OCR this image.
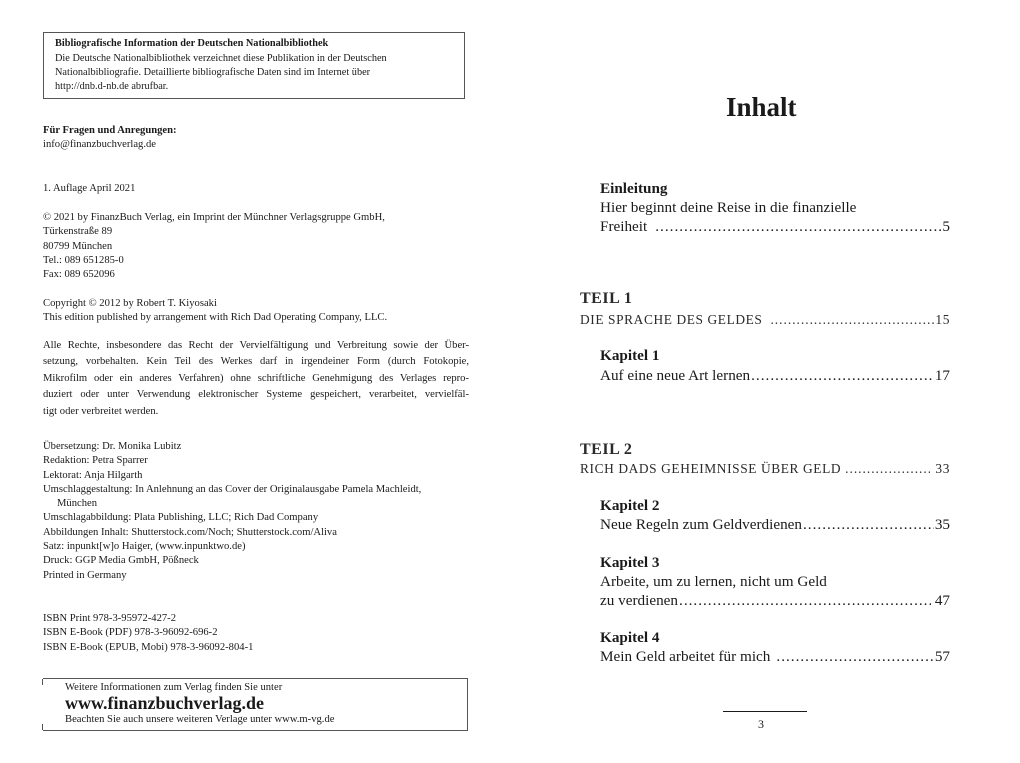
Bibliografische Information der Deutschen Nationalbibliothek
Die Deutsche Nationalbibliothek verzeichnet diese Publikation in der Deutschen
Nationalbibliografie. Detaillierte bibliografische Daten sind im Internet über
http://dnb.d-nb.de abrufbar.
Für Fragen und Anregungen:
info@finanzbuchverlag.de
1. Auflage April 2021
© 2021 by FinanzBuch Verlag, ein Imprint der Münchner Verlagsgruppe GmbH,
Türkenstraße 89
80799 München
Tel.: 089 651285-0
Fax: 089 652096
Copyright © 2012 by Robert T. Kiyosaki
This edition published by arrangement with Rich Dad Operating Company, LLC.
Alle Rechte, insbesondere das Recht der Vervielfältigung und Verbreitung sowie der Über-
setzung, vorbehalten. Kein Teil des Werkes darf in irgendeiner Form (durch Fotokopie,
Mikrofilm oder ein anderes Verfahren) ohne schriftliche Genehmigung des Verlages repro-
duziert oder unter Verwendung elektronischer Systeme gespeichert, verarbeitet, vervielfäl-
tigt oder verbreitet werden.
Übersetzung: Dr. Monika Lubitz
Redaktion: Petra Sparrer
Lektorat: Anja Hilgarth
Umschlaggestaltung: In Anlehnung an das Cover der Originalausgabe Pamela Machleidt,
München
Umschlagabbildung: Plata Publishing, LLC; Rich Dad Company
Abbildungen Inhalt: Shutterstock.com/Noch; Shutterstock.com/Aliva
Satz: inpunkt[w]o Haiger, (www.inpunktwo.de)
Druck: GGP Media GmbH, Pößneck
Printed in Germany
ISBN Print 978-3-95972-427-2
ISBN E-Book (PDF) 978-3-96092-696-2
ISBN E-Book (EPUB, Mobi) 978-3-96092-804-1
Weitere Informationen zum Verlag finden Sie unter
www.finanzbuchverlag.de
Beachten Sie auch unsere weiteren Verlage unter www.m-vg.de
Inhalt
Einleitung
Hier beginnt deine Reise in die finanzielle
Freiheit .....	5
TEIL 1
DIE SPRACHE DES GELDES .....	15
Kapitel 1
Auf eine neue Art lernen .....	17
TEIL 2
RICH DADS GEHEIMNISSE ÜBER GELD .....	33
Kapitel 2
Neue Regeln zum Geldverdienen .....	35
Kapitel 3
Arbeite, um zu lernen, nicht um Geld
zu verdienen .....	47
Kapitel 4
Mein Geld arbeitet für mich .....	57
3
